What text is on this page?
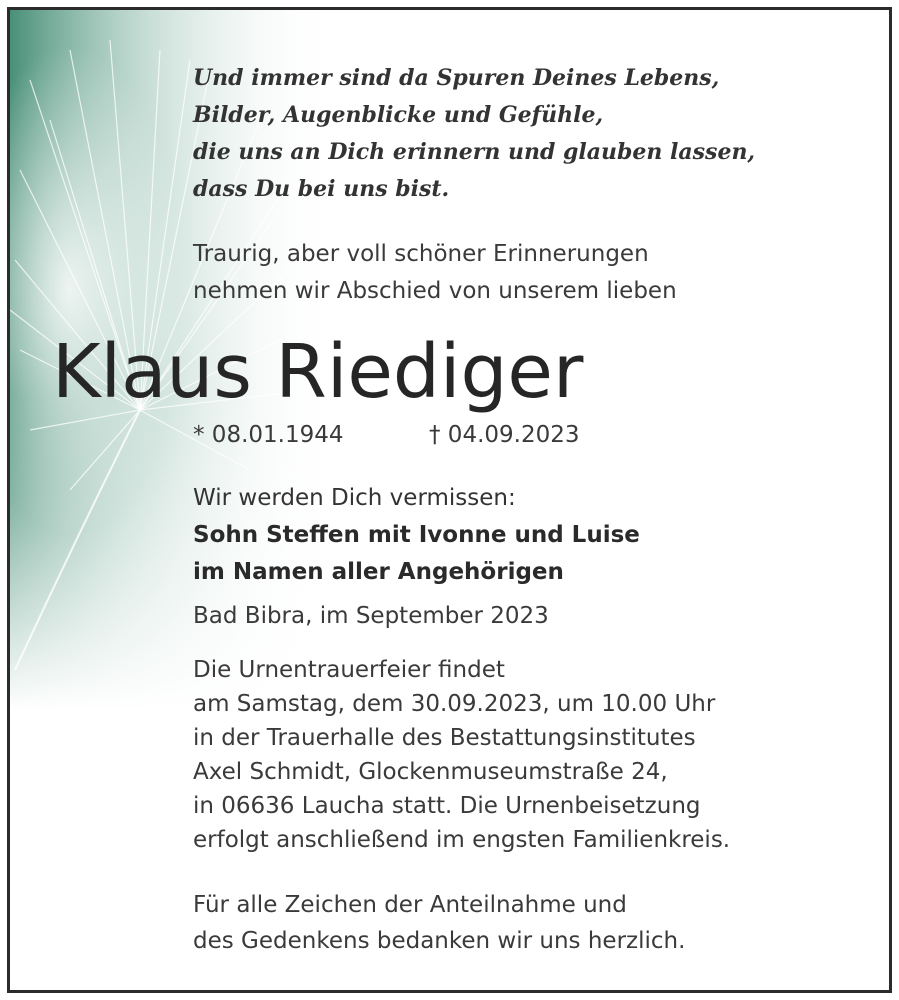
Und immer sind da Spuren Deines Lebens,
Bilder, Augenblicke und Gefühle,
die uns an Dich erinnern und glauben lassen,
dass Du bei uns bist.
Traurig, aber voll schöner Erinnerungen
nehmen wir Abschied von unserem lieben
Klaus Riediger
* 08.01.1944	† 04.09.2023
Wir werden Dich vermissen:
Sohn Steffen mit Ivonne und Luise
im Namen aller Angehörigen
Bad Bibra, im September 2023
Die Urnentrauerfeier findet
am Samstag, dem 30.09.2023, um 10.00 Uhr
in der Trauerhalle des Bestattungsinstitutes
Axel Schmidt, Glockenmuseumstraße 24,
in 06636 Laucha statt. Die Urnenbeisetzung
erfolgt anschließend im engsten Familienkreis.
Für alle Zeichen der Anteilnahme und
des Gedenkens bedanken wir uns herzlich.
